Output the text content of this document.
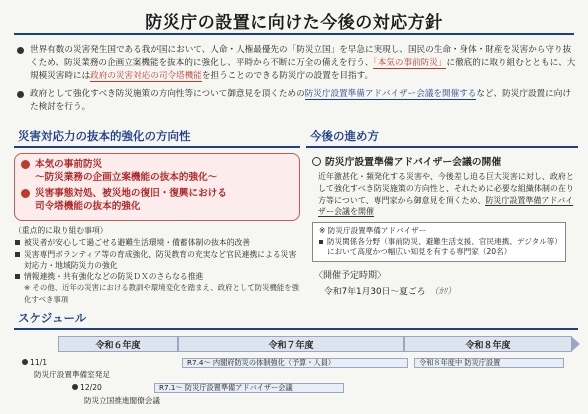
防災庁の設置に向けた今後の対応方針
世界有数の災害発生国である我が国において、人命・人権最優先の「防災立国」を早急に実現し、国民の生命・身体・財産を災害から守り抜くため、防災業務の企画立案機能を抜本的に強化し、平時から不断に万全の備えを行う、「本気の事前防災」に徹底的に取り組むとともに、大規模災害時には政府の災害対応の司令塔機能を担うことのできる防災庁の設置を目指す。
政府として強化すべき防災施策の方向性等について御意見を頂くための防災庁設置準備アドバイザー会議を開催するなど、防災庁設置に向けた検討を行う。
災害対応力の抜本的強化の方向性
本気の事前防災
～防災業務の企画立案機能の抜本的強化～
災害事態対処、被災地の復旧・復興における
司令塔機能の抜本的強化
（重点的に取り組む事項）
被災者が安心して過ごせる避難生活環境・備蓄体制の抜本的改善
災害専門ボランティア等の育成強化、防災教育の充実など官民連携による災害対応力・地域防災力の強化
情報連携・共有強化などの防災ＤＸのさらなる推進
※ その他、近年の災害における教訓や環境変化を踏まえ、政府として防災機能を強化すべき事項
今後の進め方
防災庁設置準備アドバイザー会議の開催
近年激甚化・頻発化する災害や、今後差し迫る巨大災害に対し、政府として強化すべき防災施策の方向性と、それために必要な組織体制の在り方等について、専門家から御意見を頂くため、防災庁設置準備アドバイザー会議を開催
※ 防災庁設置準備アドバイザー
防災関係各分野（事前防災、避難生活支援、官民連携、デジタル等）
において高度かつ幅広い知見を有する専門家（20名）
〈開催予定時期〉
令和7年1月30日～夏ごろ （ｶﾘ）
スケジュール
令和６年度	令和７年度	令和８年度
11/1
防災庁設置準備室発足
R7.4～ 内閣府防災の体制強化（予算・人員）	令和８年度中 防災庁設置
12/20
防災立国推進閣僚会議
R7.1～ 防災庁設置準備アドバイザー会議
